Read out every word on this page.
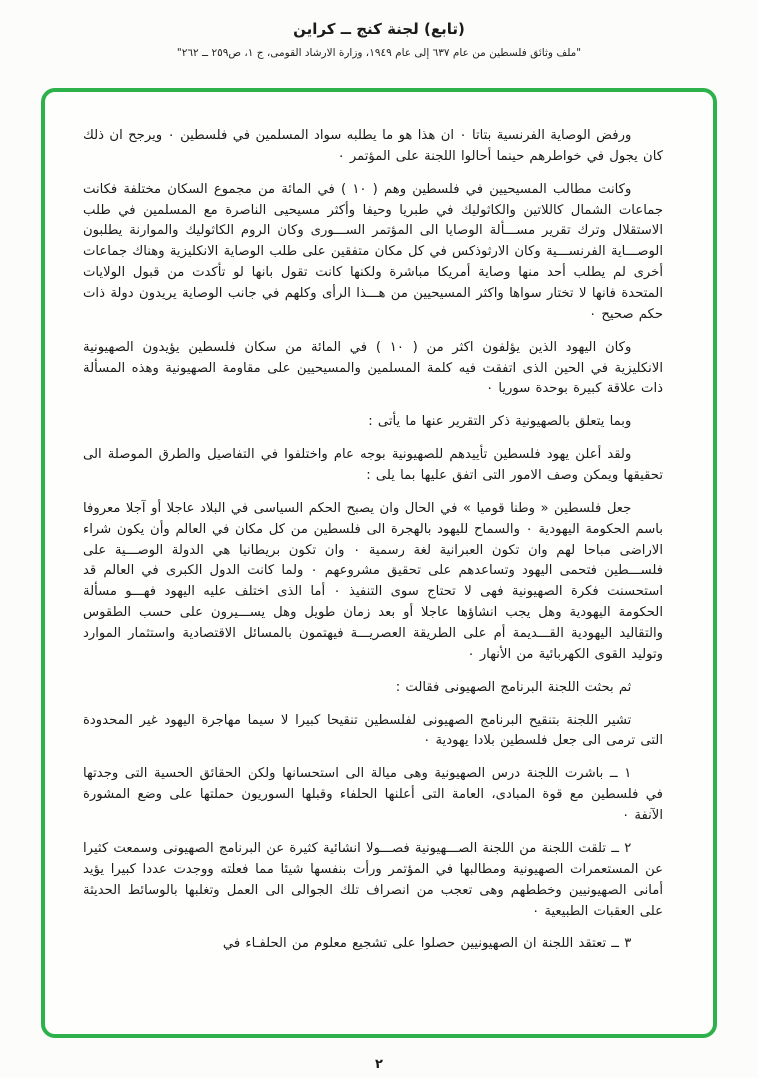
(تابع) لجنة كنج ــ كراين
"ملف وثائق فلسطين من عام ٦٣٧ إلى عام ١٩٤٩، وزارة الارشاد القومى، ج ١، ص٢٥٩ ــ ٢٦٢"

ورفض الوصاية الفرنسية بتاتا ٠ ان هذا هو ما يطلبه سواد المسلمين في فلسطين ٠ ويرجح ان ذلك كان يجول في خواطرهم حينما أحالوا اللجنة على المؤتمر ٠

وكانت مطالب المسيحيين في فلسطين وهم ( ١٠ ) في المائة من مجموع السكان مختلفة فكانت جماعات الشمال كاللاتين والكاثوليك في طبريا وحيفا وأكثر مسيحيى الناصرة مع المسلمين في طلب الاستقلال وترك تقرير مســـألة الوصايا الى المؤتمر الســـورى وكان الروم الكاثوليك والموارنة يطلبون الوصـــاية الفرنســـية وكان الارثوذكس في كل مكان متفقين على طلب الوصاية الانكليزية وهناك جماعات أخرى لم يطلب أحد منها وصاية أمريكا مباشرة ولكنها كانت تقول بانها لو تأكدت من قبول الولايات المتحدة فانها لا تختار سواها واكثر المسيحيين من هـــذا الرأى وكلهم في جانب الوصاية يريدون دولة ذات حكم صحيح ٠

وكان اليهود الذين يؤلفون اكثر من ( ١٠ ) في المائة من سكان فلسطين يؤيدون الصهيونية الانكليزية في الحين الذى اتفقت فيه كلمة المسلمين والمسيحيين على مقاومة الصهيونية وهذه المسألة ذات علاقة كبيرة بوحدة سوريا ٠

وبما يتعلق بالصهيونية ذكر التقرير عنها ما يأتى :

ولقد أعلن يهود فلسطين تأييدهم للصهيونية بوجه عام واختلفوا في التفاصيل والطرق الموصلة الى تحقيقها ويمكن وصف الامور التى اتفق عليها بما يلى :

جعل فلسطين « وطنا قوميا » في الحال وان يصبح الحكم السياسى في البلاد عاجلا أو آجلا معروفا باسم الحكومة اليهودية ٠ والسماح لليهود بالهجرة الى فلسطين من كل مكان في العالم وأن يكون شراء الاراضى مباحا لهم وان تكون العبرانية لغة رسمية ٠ وان تكون بريطانيا هي الدولة الوصـــية على فلســـطين فتحمى اليهود وتساعدهم على تحقيق مشروعهم ٠ ولما كانت الدول الكبرى في العالم قد استحسنت فكرة الصهيونية فهى لا تحتاج سوى التنفيذ ٠ أما الذى اختلف عليه اليهود فهـــو مسألة الحكومة اليهودية وهل يجب انشاؤها عاجلا أو بعد زمان طويل وهل يســـيرون على حسب الطقوس والتقاليد اليهودية القـــديمة أم على الطريقة العصريـــة فيهتمون بالمسائل الاقتصادية واستثمار الموارد وتوليد القوى الكهربائية من الأنهار ٠

ثم بحثت اللجنة البرنامج الصهيونى فقالت :

تشير اللجنة بتنقيح البرنامج الصهيونى لفلسطين تنقيحا كبيرا لا سيما مهاجرة اليهود غير المحدودة التى ترمى الى جعل فلسطين بلادا يهودية ٠

١ ــ باشرت اللجنة درس الصهيونية وهى ميالة الى استحسانها ولكن الحقائق الحسية التى وجدتها في فلسطين مع قوة المبادى، العامة التى أعلنها الحلفاء وقبلها السوريون حملتها على وضع المشورة الآنفة ٠

٢ ــ تلقت اللجنة من اللجنة الصـــهيونية فصـــولا انشائية كثيرة عن البرنامج الصهيونى وسمعت كثيرا عن المستعمرات الصهيونية ومطالبها في المؤتمر ورأت بنفسها شيئا مما فعلته ووجدت عددا كبيرا يؤيد أمانى الصهيونيين وخططهم وهى تعجب من انصراف تلك الجوالى الى العمل وتغلبها بالوسائط الحديثة على العقبات الطبيعية ٠

٣ ــ تعتقد اللجنة ان الصهيونيين حصلوا على تشجيع معلوم من الحلفـاء في

٢
